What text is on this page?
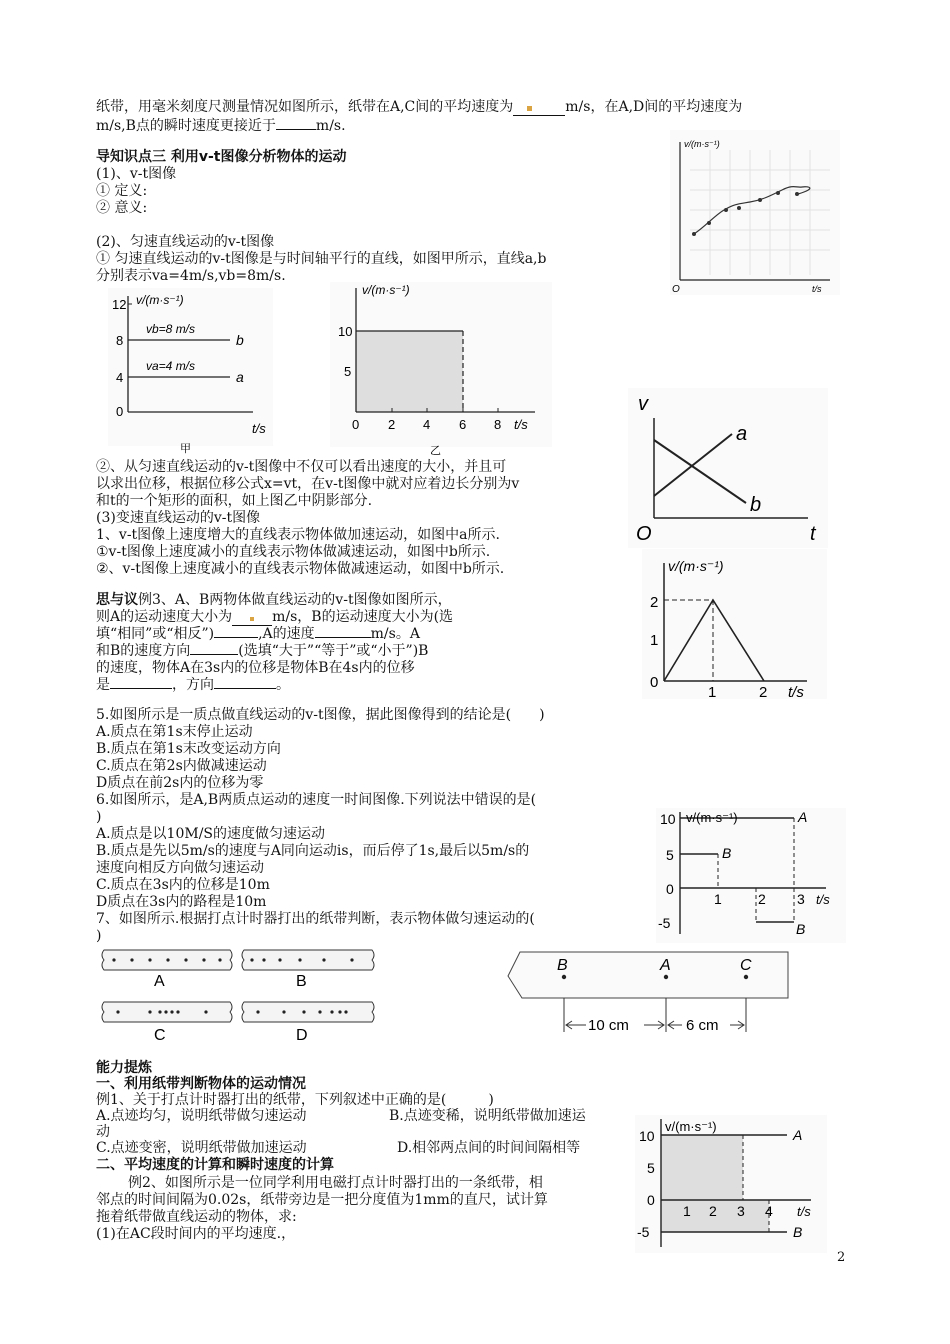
纸带，用毫米刻度尺测量情况如图所示，纸带在A,C间的平均速度为	m/s，在A,D间的平均速度为
m/s,B点的瞬时速度更接近于	m/s.
导知识点三 利用v-t图像分析物体的运动
(1)、v-t图像
① 定义:
② 意义:
(2)、匀速直线运动的v-t图像
① 匀速直线运动的v-t图像是与时间轴平行的直线，如图甲所示，直线a,b
分别表示va=4m/s,vb=8m/s.
②、从匀速直线运动的v-t图像中不仅可以看出速度的大小，并且可
以求出位移，根据位移公式x=vt，在v-t图像中就对应着边长分别为v
和t的一个矩形的面积，如上图乙中阴影部分.
(3)变速直线运动的v-t图像
1、v-t图像上速度增大的直线表示物体做加速运动，如图中a所示.
①v-t图像上速度减小的直线表示物体做减速运动，如图中b所示.
②、v-t图像上速度减小的直线表示物体做减速运动，如图中b所示.
思与议例3、A、B两物体做直线运动的v-t图像如图所示，
则A的运动速度大小为	m/s，B的运动速度大小为(选
填“相同”或“相反”)	,A的速度	m/s。A
和B的速度方向	(选填“大于”“等于”或“小于”)B
的速度，物体A在3s内的位移是物体B在4s内的位移
是	，方向	。
5.如图所示是一质点做直线运动的v-t图像，据此图像得到的结论是(　　)
A.质点在第1s末停止运动
B.质点在第1s末改变运动方向
C.质点在第2s内做减速运动
D质点在前2s内的位移为零
6.如图所示，是A,B两质点运动的速度一时间图像.下列说法中错误的是(
)
A.质点是以10M/S的速度做匀速运动
B.质点是先以5m/s的速度与A同向运动is，而后停了1s,最后以5m/s的
速度向相反方向做匀速运动
C.质点在3s内的位移是10m
D质点在3s内的路程是10m
7、如图所示.根据打点计时器打出的纸带判断，表示物体做匀速运动的(
)
能力提炼
一、利用纸带判断物体的运动情况
例1、关于打点计时器打出的纸带，下列叙述中正确的是(　　　)
A.点迹均匀，说明纸带做匀速运动	B.点迹变稀，说明纸带做加速运
动
C.点迹变密，说明纸带做加速运动	D.相邻两点间的时间间隔相等
二、平均速度的计算和瞬时速度的计算
例2、如图所示是一位同学利用电磁打点计时器打出的一条纸带，相
邻点的时间间隔为0.02s，纸带旁边是一把分度值为1mm的直尺，试计算
拖着纸带做直线运动的物体，求:
(1)在AC段时间内的平均速度.，
2
v/(m·s⁻¹)
t/s
O
12
8
4
0
v/(m·s⁻¹)
vb=8 m/s
va=4 m/s
b
a
t/s
甲
v/(m·s⁻¹)
10
5
0 2 4 6 8 t/s
乙
v
t
O
a
b
v/(m·s⁻¹)
2
1
0
1	2 t/s
v/(m·s⁻¹)
10
5
0
-5
1	2 3 t/s
A
B
B
A	B
C	D
B	A	C
10 cm	6 cm
v/(m·s⁻¹)
10
5
0
-5
1 2 3 4 t/s
A
B
